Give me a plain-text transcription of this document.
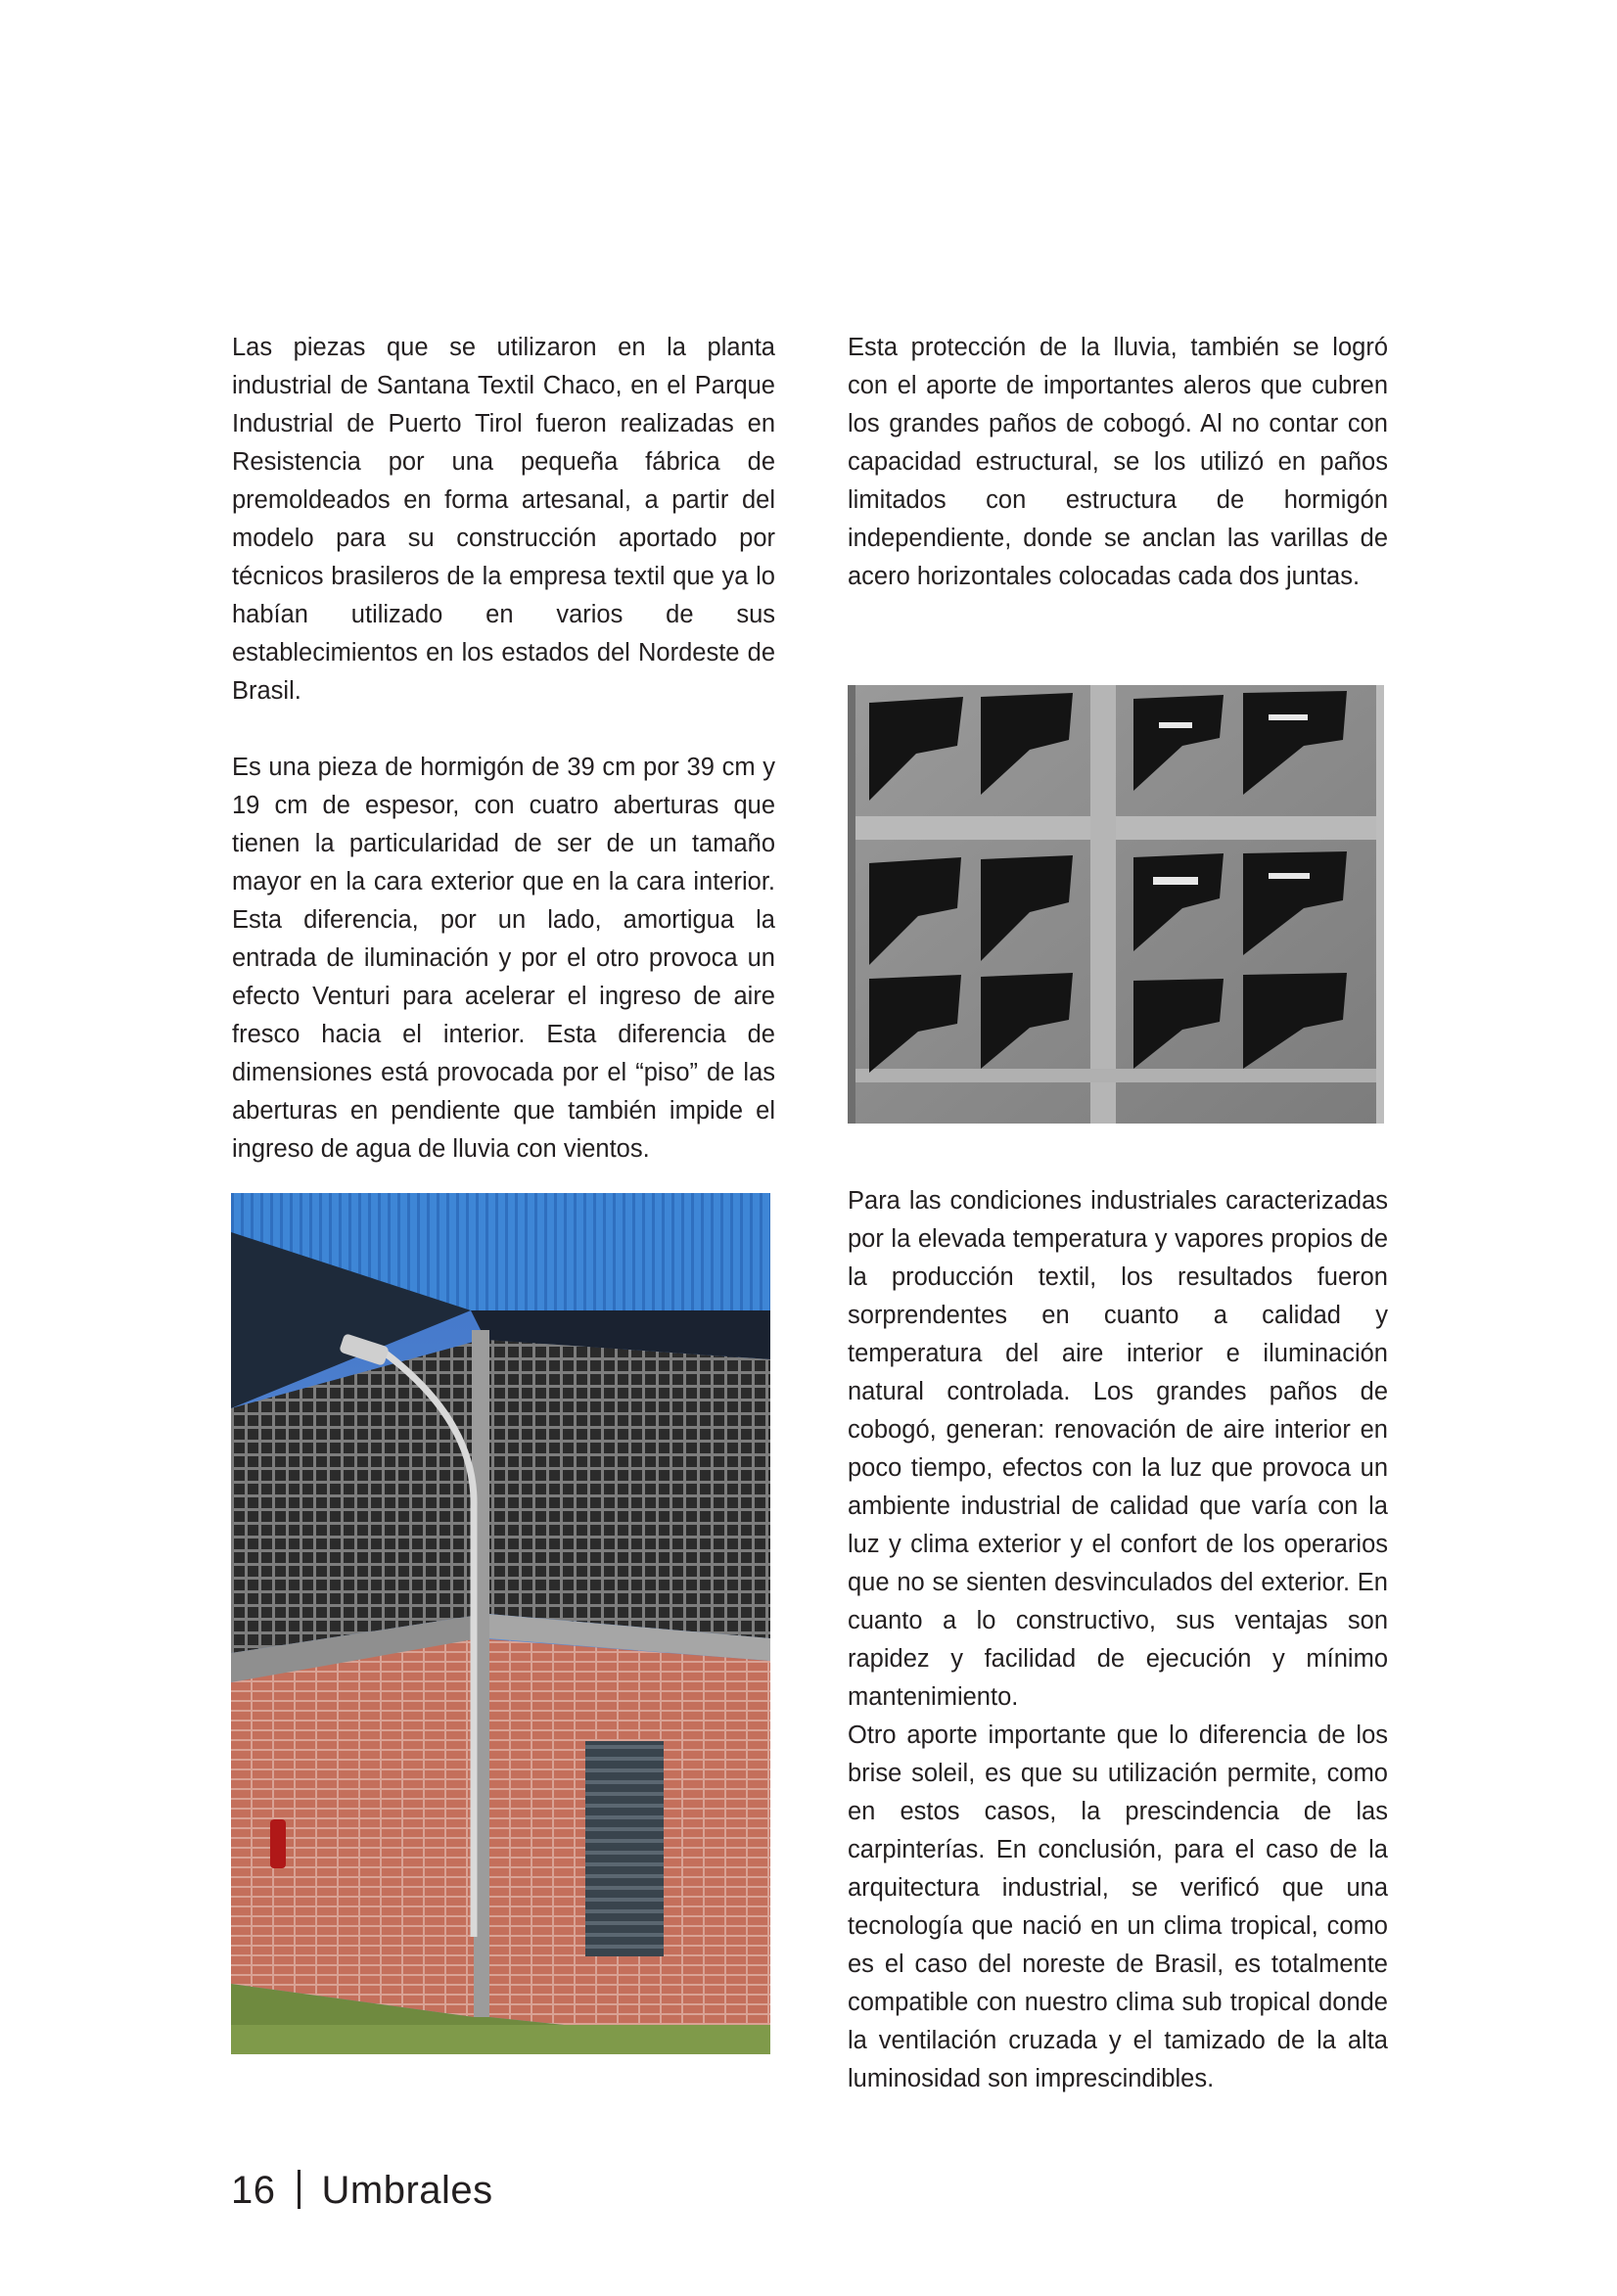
Las piezas que se utilizaron en la planta industrial de Santana Textil Chaco, en el Parque Industrial de Puerto Tirol fueron realizadas en Resistencia por una pequeña fábrica de premoldeados en forma artesanal, a partir del modelo para su construcción aportado por técnicos brasileros de la empresa textil que ya lo habían utilizado en varios de sus establecimientos en los estados del Nordeste de Brasil.

Es una pieza de hormigón de 39 cm por 39 cm y 19 cm de espesor, con cuatro aberturas que tienen la particularidad de ser de un tamaño mayor en la cara exterior que en la cara interior. Esta diferencia, por un lado, amortigua la entrada de iluminación y por el otro provoca un efecto Venturi para acelerar el ingreso de aire fresco hacia el interior. Esta diferencia de dimensiones está provocada por el “piso” de las aberturas en pendiente que también impide el ingreso de agua de lluvia con vientos.

Esta protección de la lluvia, también se logró con el aporte de importantes aleros que cubren los grandes paños de cobogó. Al no contar con capacidad estructural, se los utilizó en paños limitados con estructura de hormigón independiente, donde se anclan las varillas de acero horizontales colocadas cada dos juntas.

Para las condiciones industriales caracterizadas por la elevada temperatura y vapores propios de la producción textil, los resultados fueron sorprendentes en cuanto a calidad y temperatura del aire interior e iluminación natural controlada. Los grandes paños de cobogó, generan: renovación de aire interior en poco tiempo, efectos con la luz que provoca un ambiente industrial de calidad que varía con la luz y clima exterior y el confort de los operarios que no se sienten desvinculados del exterior. En cuanto a lo constructivo, sus ventajas son rapidez y facilidad de ejecución y mínimo mantenimiento.

Otro aporte importante que lo diferencia de los brise soleil, es que su utilización permite, como en estos casos, la prescindencia de las carpinterías. En conclusión, para el caso de la arquitectura industrial, se verificó que una tecnología que nació en un clima tropical, como es el caso del noreste de Brasil, es totalmente compatible con nuestro clima sub tropical donde la ventilación cruzada y el tamizado de la alta luminosidad son imprescindibles.

16 Umbrales
